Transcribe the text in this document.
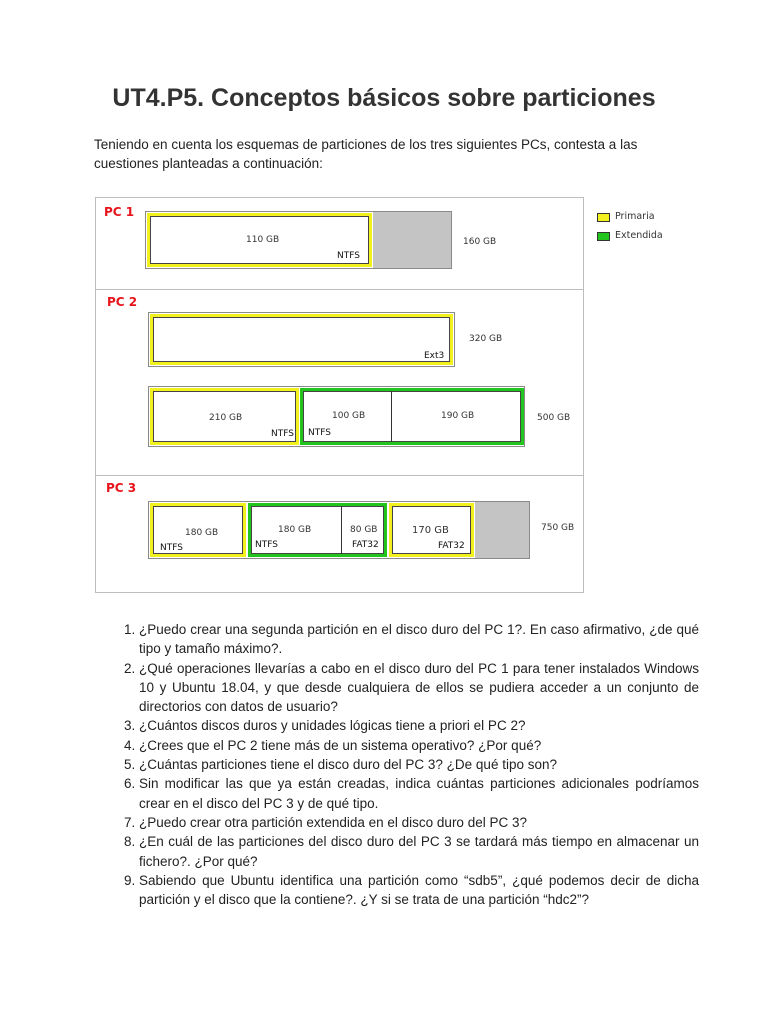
UT4.P5. Conceptos básicos sobre particiones

Teniendo en cuenta los esquemas de particiones de los tres siguientes PCs, contesta a las cuestiones planteadas a continuación:

Primaria
Extendida
PC 1
110 GB
NTFS
160 GB
PC 2
Ext3
320 GB
210 GB
NTFS
100 GB
NTFS
190 GB	500 GB
PC 3
180 GB
NTFS
180 GB
NTFS
80 GB
FAT32
170 GB
FAT32
750 GB
1. ¿Puedo crear una segunda partición en el disco duro del PC 1?. En caso afirmativo, ¿de qué tipo y tamaño máximo?.
2. ¿Qué operaciones llevarías a cabo en el disco duro del PC 1 para tener instalados Windows 10 y Ubuntu 18.04, y que desde cualquiera de ellos se pudiera acceder a un conjunto de directorios con datos de usuario?
3. ¿Cuántos discos duros y unidades lógicas tiene a priori el PC 2?
4. ¿Crees que el PC 2 tiene más de un sistema operativo? ¿Por qué?
5. ¿Cuántas particiones tiene el disco duro del PC 3? ¿De qué tipo son?
6. Sin modificar las que ya están creadas, indica cuántas particiones adicionales podríamos crear en el disco del PC 3 y de qué tipo.
7. ¿Puedo crear otra partición extendida en el disco duro del PC 3?
8. ¿En cuál de las particiones del disco duro del PC 3 se tardará más tiempo en almacenar un fichero?. ¿Por qué?
9. Sabiendo que Ubuntu identifica una partición como “sdb5”, ¿qué podemos decir de dicha partición y el disco que la contiene?. ¿Y si se trata de una partición “hdc2”?
